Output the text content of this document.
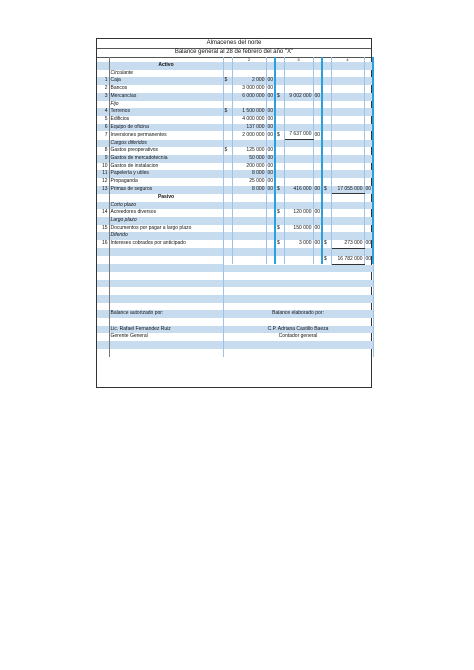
Almacenes del norte
Balance general al 28 de febrero del año "X"
			2			3			4	
	Activo									
	Circulante									
1	Caja	$	2 000	00						
2	Bancos		3 000 000	00						
3	Mercancías		6 000 000	00	$	9 002 000	00			
	Fijo									
4	Terrenos	$	1 500 000	00						
5	Edificios		4 000 000	00						
6	Equipo de oficina		137 000	00						
7	Inversiones permanentes		2 000 000	00	$	7 637 000	00			
	Cargos diferidos									
8	Gastos preoperativos	$	125 000	00						
9	Gastos de mercadotecnia		50 000	00						
10	Gastos de instalacion		200 000	00						
11	Papelería y utiles		8 000	00						
12	Propaganda		25 000	00						
13	Primas de seguros		8 000	00	$	416 000	00	$	17 055 000	00
	Pasivo									
	Corto plazo									
14	Acreedores diversos				$	120 000	00			
	Largo plazo									
15	Documentos por pagar a largo plazo				$	150 000	00			
	Diferido									
16	Intereses cobrados por anticipado				$	3 000	00	$	273 000	00

								$	16 782 000	00

	Balance autorizado por:	Balance elaborado por:								

	Lic. Rafael Fernandez Ruiz	C.P. Adriana Castillo Baeza								
	Gerente General	Contador general								
